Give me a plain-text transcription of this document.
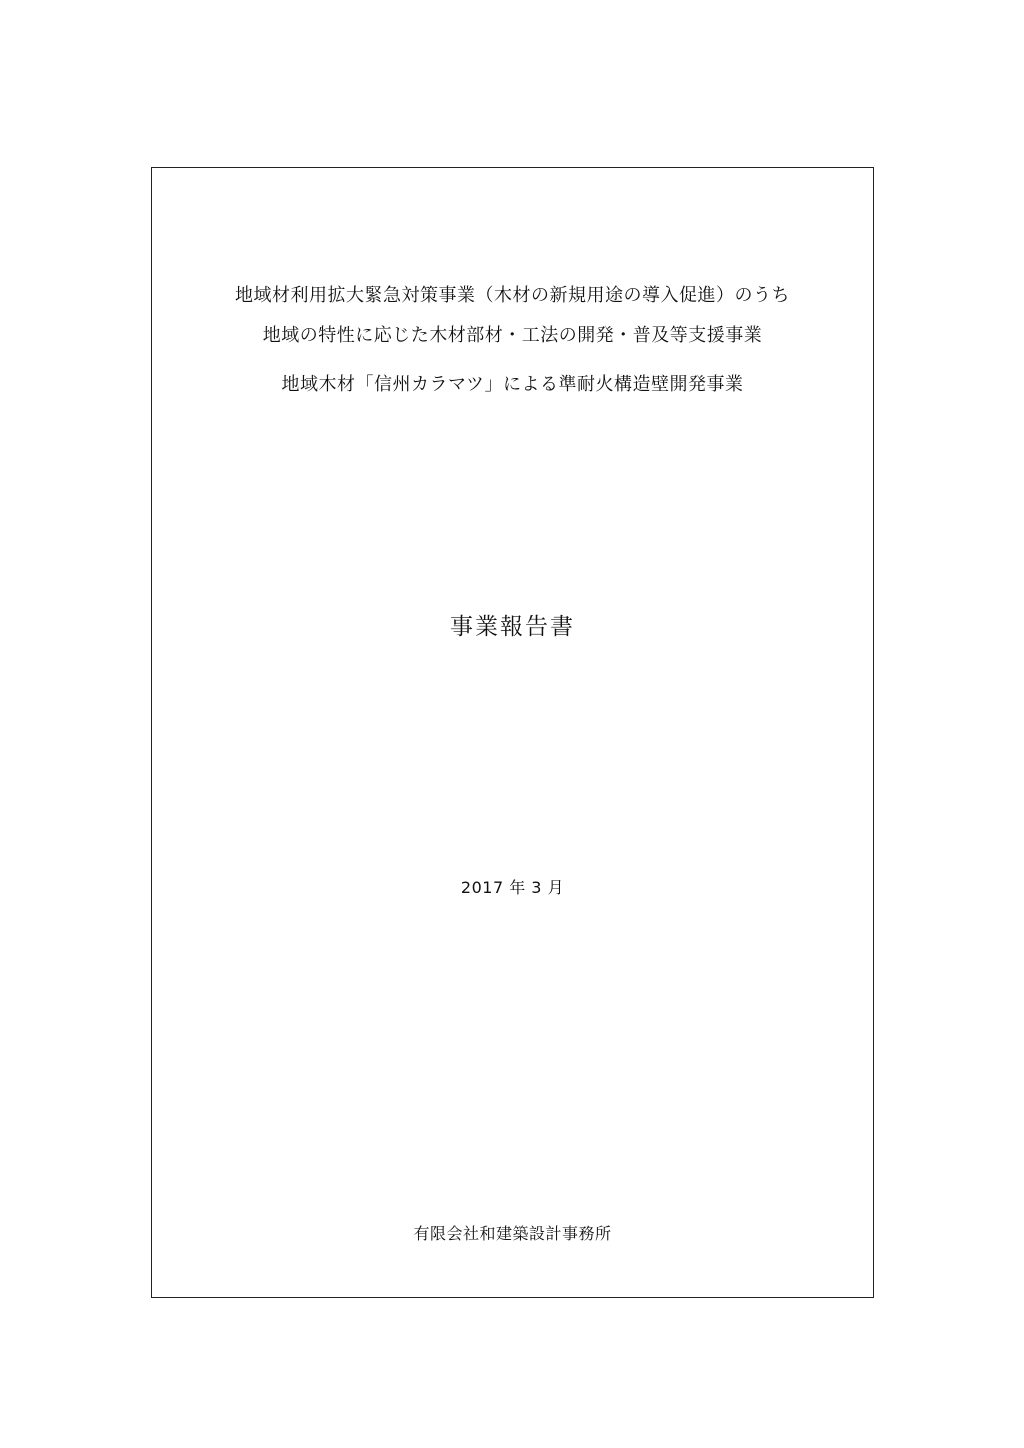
地域材利用拡大緊急対策事業（木材の新規用途の導入促進）のうち
地域の特性に応じた木材部材・工法の開発・普及等支援事業
地域木材「信州カラマツ」による準耐火構造壁開発事業
事業報告書
2017 年 3 月
有限会社和建築設計事務所
